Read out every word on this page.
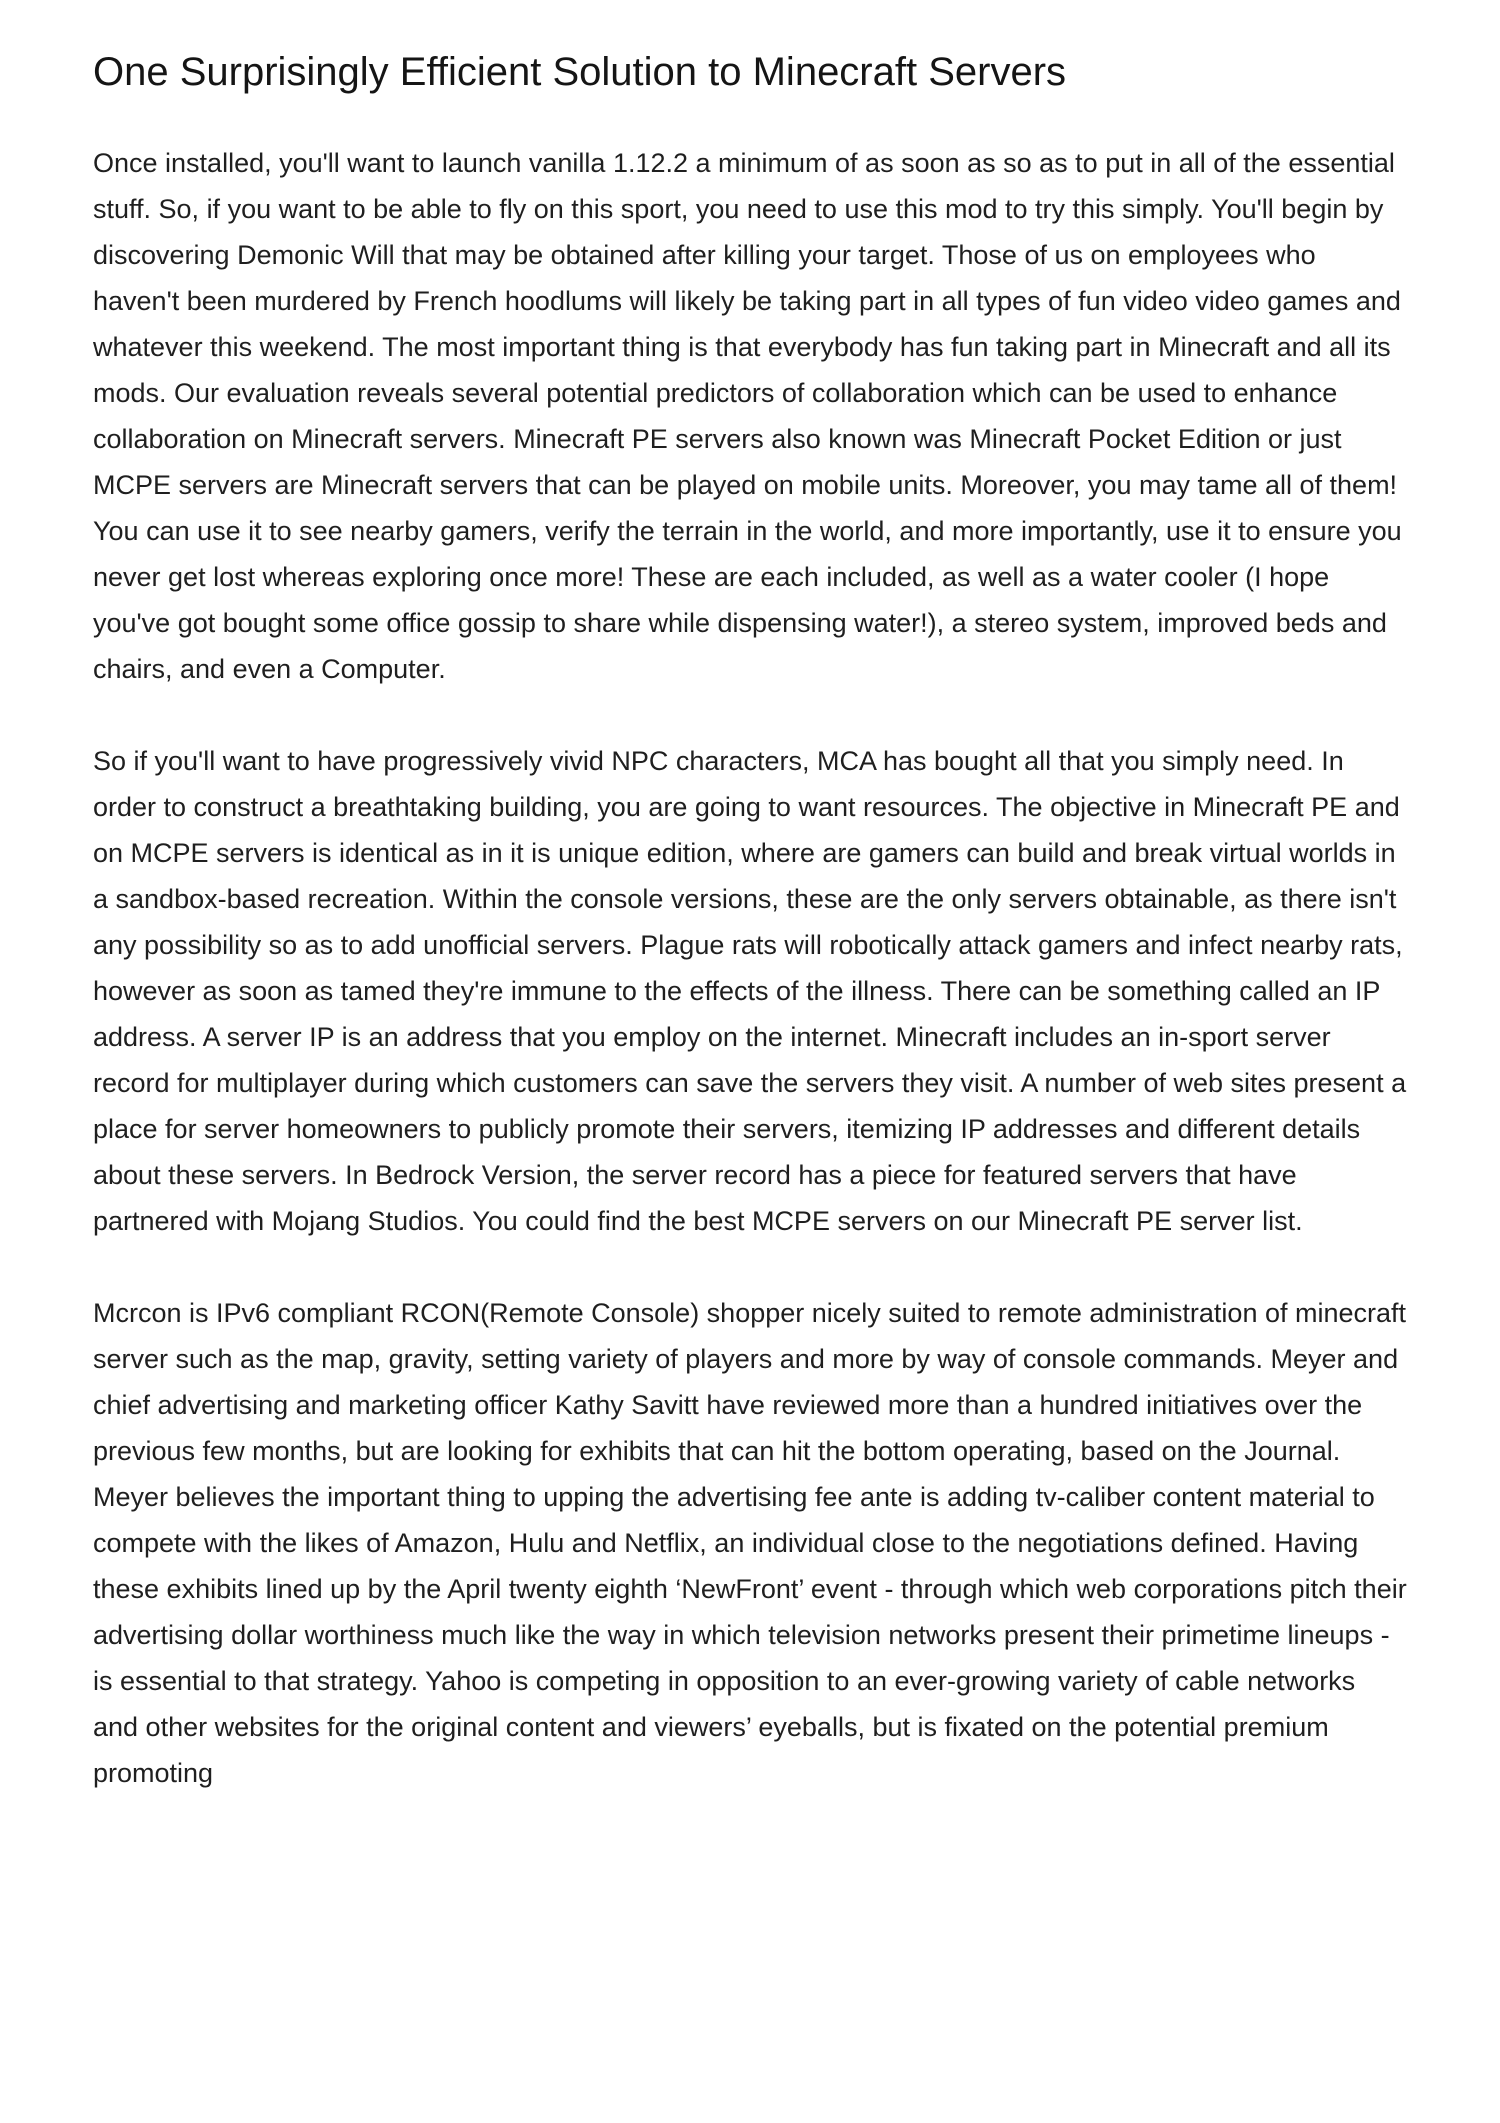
One Surprisingly Efficient Solution to Minecraft Servers

Once installed, you'll want to launch vanilla 1.12.2 a minimum of as soon as so as to put in all of the essential stuff. So, if you want to be able to fly on this sport, you need to use this mod to try this simply. You'll begin by discovering Demonic Will that may be obtained after killing your target. Those of us on employees who haven't been murdered by French hoodlums will likely be taking part in all types of fun video video games and whatever this weekend. The most important thing is that everybody has fun taking part in Minecraft and all its mods. Our evaluation reveals several potential predictors of collaboration which can be used to enhance collaboration on Minecraft servers. Minecraft PE servers also known was Minecraft Pocket Edition or just MCPE servers are Minecraft servers that can be played on mobile units. Moreover, you may tame all of them! You can use it to see nearby gamers, verify the terrain in the world, and more importantly, use it to ensure you never get lost whereas exploring once more! These are each included, as well as a water cooler (I hope you've got bought some office gossip to share while dispensing water!), a stereo system, improved beds and chairs, and even a Computer.

So if you'll want to have progressively vivid NPC characters, MCA has bought all that you simply need. In order to construct a breathtaking building, you are going to want resources. The objective in Minecraft PE and on MCPE servers is identical as in it is unique edition, where are gamers can build and break virtual worlds in a sandbox-based recreation. Within the console versions, these are the only servers obtainable, as there isn't any possibility so as to add unofficial servers. Plague rats will robotically attack gamers and infect nearby rats, however as soon as tamed they're immune to the effects of the illness. There can be something called an IP address. A server IP is an address that you employ on the internet. Minecraft includes an in-sport server record for multiplayer during which customers can save the servers they visit. A number of web sites present a place for server homeowners to publicly promote their servers, itemizing IP addresses and different details about these servers. In Bedrock Version, the server record has a piece for featured servers that have partnered with Mojang Studios. You could find the best MCPE servers on our Minecraft PE server list.

Mcrcon is IPv6 compliant RCON(Remote Console) shopper nicely suited to remote administration of minecraft server such as the map, gravity, setting variety of players and more by way of console commands. Meyer and chief advertising and marketing officer Kathy Savitt have reviewed more than a hundred initiatives over the previous few months, but are looking for exhibits that can hit the bottom operating, based on the Journal. Meyer believes the important thing to upping the advertising fee ante is adding tv-caliber content material to compete with the likes of Amazon, Hulu and Netflix, an individual close to the negotiations defined. Having these exhibits lined up by the April twenty eighth ‘NewFront’ event - through which web corporations pitch their advertising dollar worthiness much like the way in which television networks present their primetime lineups - is essential to that strategy. Yahoo is competing in opposition to an ever-growing variety of cable networks and other websites for the original content and viewers’ eyeballs, but is fixated on the potential premium promoting
